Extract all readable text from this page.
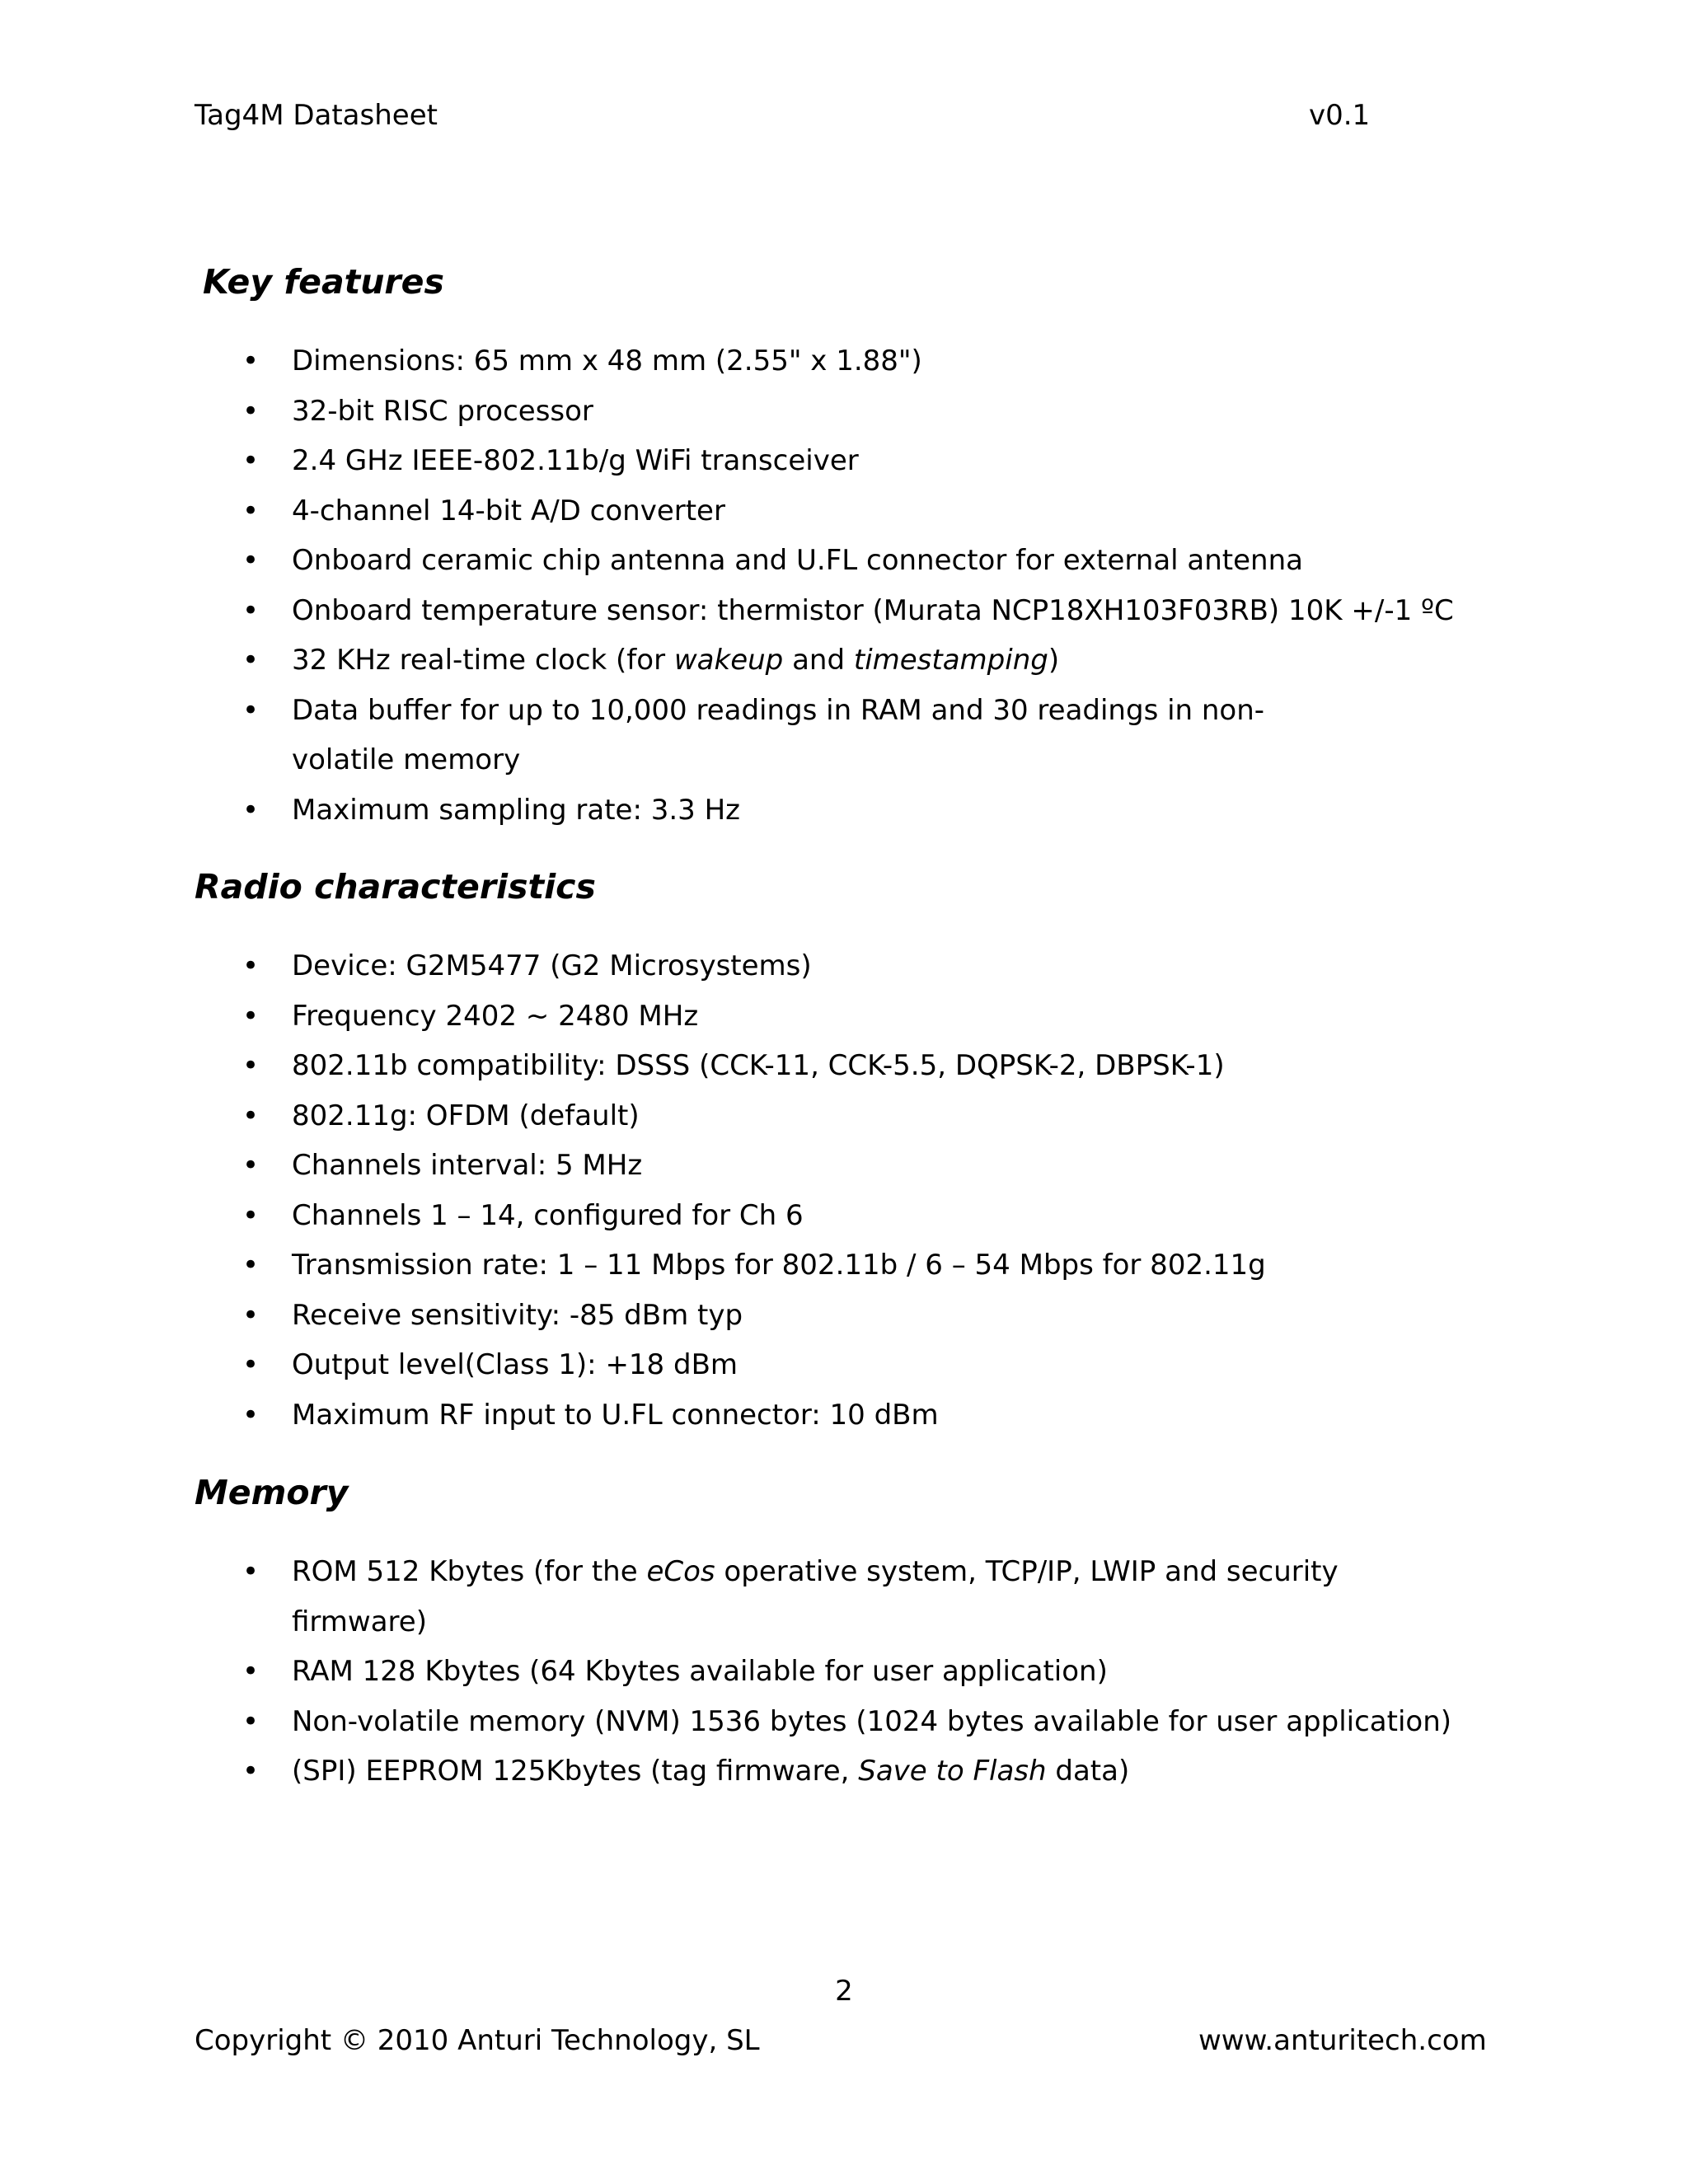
Tag4M Datasheet	v0.1
Key features
• Dimensions: 65 mm x 48 mm (2.55" x 1.88")
• 32-bit RISC processor
• 2.4 GHz IEEE-802.11b/g WiFi transceiver
• 4-channel 14-bit A/D converter
• Onboard ceramic chip antenna and U.FL connector for external antenna
• Onboard temperature sensor: thermistor (Murata NCP18XH103F03RB) 10K +/-1 ºC
• 32 KHz real-time clock (for wakeup and timestamping)
• Data buffer for up to 10,000 readings in RAM and 30 readings in non-volatile memory
• Maximum sampling rate: 3.3 Hz
Radio characteristics
• Device: G2M5477 (G2 Microsystems)
• Frequency 2402 ~ 2480 MHz
• 802.11b compatibility: DSSS (CCK-11, CCK-5.5, DQPSK-2, DBPSK-1)
• 802.11g: OFDM (default)
• Channels interval: 5 MHz
• Channels 1 – 14, configured for Ch 6
• Transmission rate: 1 – 11 Mbps for 802.11b / 6 – 54 Mbps for 802.11g
• Receive sensitivity: -85 dBm typ
• Output level(Class 1): +18 dBm
• Maximum RF input to U.FL connector: 10 dBm
Memory
• ROM 512 Kbytes (for the eCos operative system, TCP/IP, LWIP and security firmware)
• RAM 128 Kbytes (64 Kbytes available for user application)
• Non-volatile memory (NVM) 1536 bytes (1024 bytes available for user application)
• (SPI) EEPROM 125Kbytes (tag firmware, Save to Flash data)
2
Copyright © 2010 Anturi Technology, SL	www.anturitech.com
